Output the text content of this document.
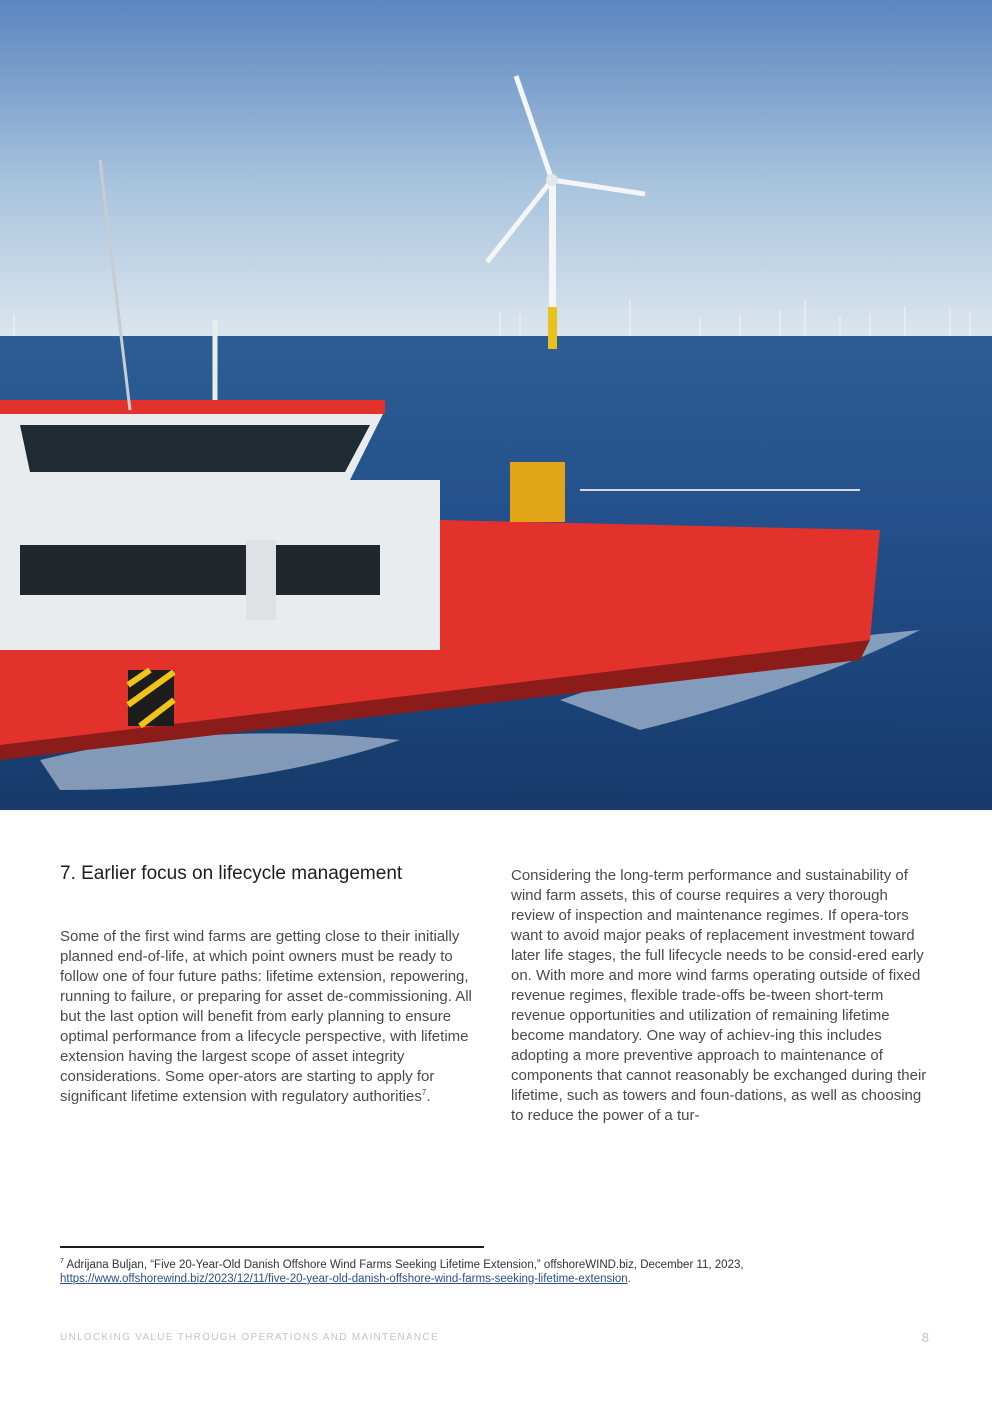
7. Earlier focus on lifecycle management

Some of the first wind farms are getting close to their initially planned end-of-life, at which point owners must be ready to follow one of four future paths: lifetime extension, repowering, running to failure, or preparing for asset de-commissioning. All but the last option will benefit from early planning to ensure optimal performance from a lifecycle perspective, with lifetime extension having the largest scope of asset integrity considerations. Some oper-ators are starting to apply for significant lifetime extension with regulatory authorities$^7$.

Considering the long-term performance and sustainability of wind farm assets, this of course requires a very thorough review of inspection and maintenance regimes. If opera-tors want to avoid major peaks of replacement investment toward later life stages, the full lifecycle needs to be consid-ered early on. With more and more wind farms operating outside of fixed revenue regimes, flexible trade-offs be-tween short-term revenue opportunities and utilization of remaining lifetime become mandatory. One way of achiev-ing this includes adopting a more preventive approach to maintenance of components that cannot reasonably be exchanged during their lifetime, such as towers and foun-dations, as well as choosing to reduce the power of a tur-

$^7$ Adrijana Buljan, “Five 20-Year-Old Danish Offshore Wind Farms Seeking Lifetime Extension,” offshoreWIND.biz, December 11, 2023, https://www.offshorewind.biz/2023/12/11/five-20-year-old-danish-offshore-wind-farms-seeking-lifetime-extension.
UNLOCKING VALUE THROUGH OPERATIONS AND MAINTENANCE	8
